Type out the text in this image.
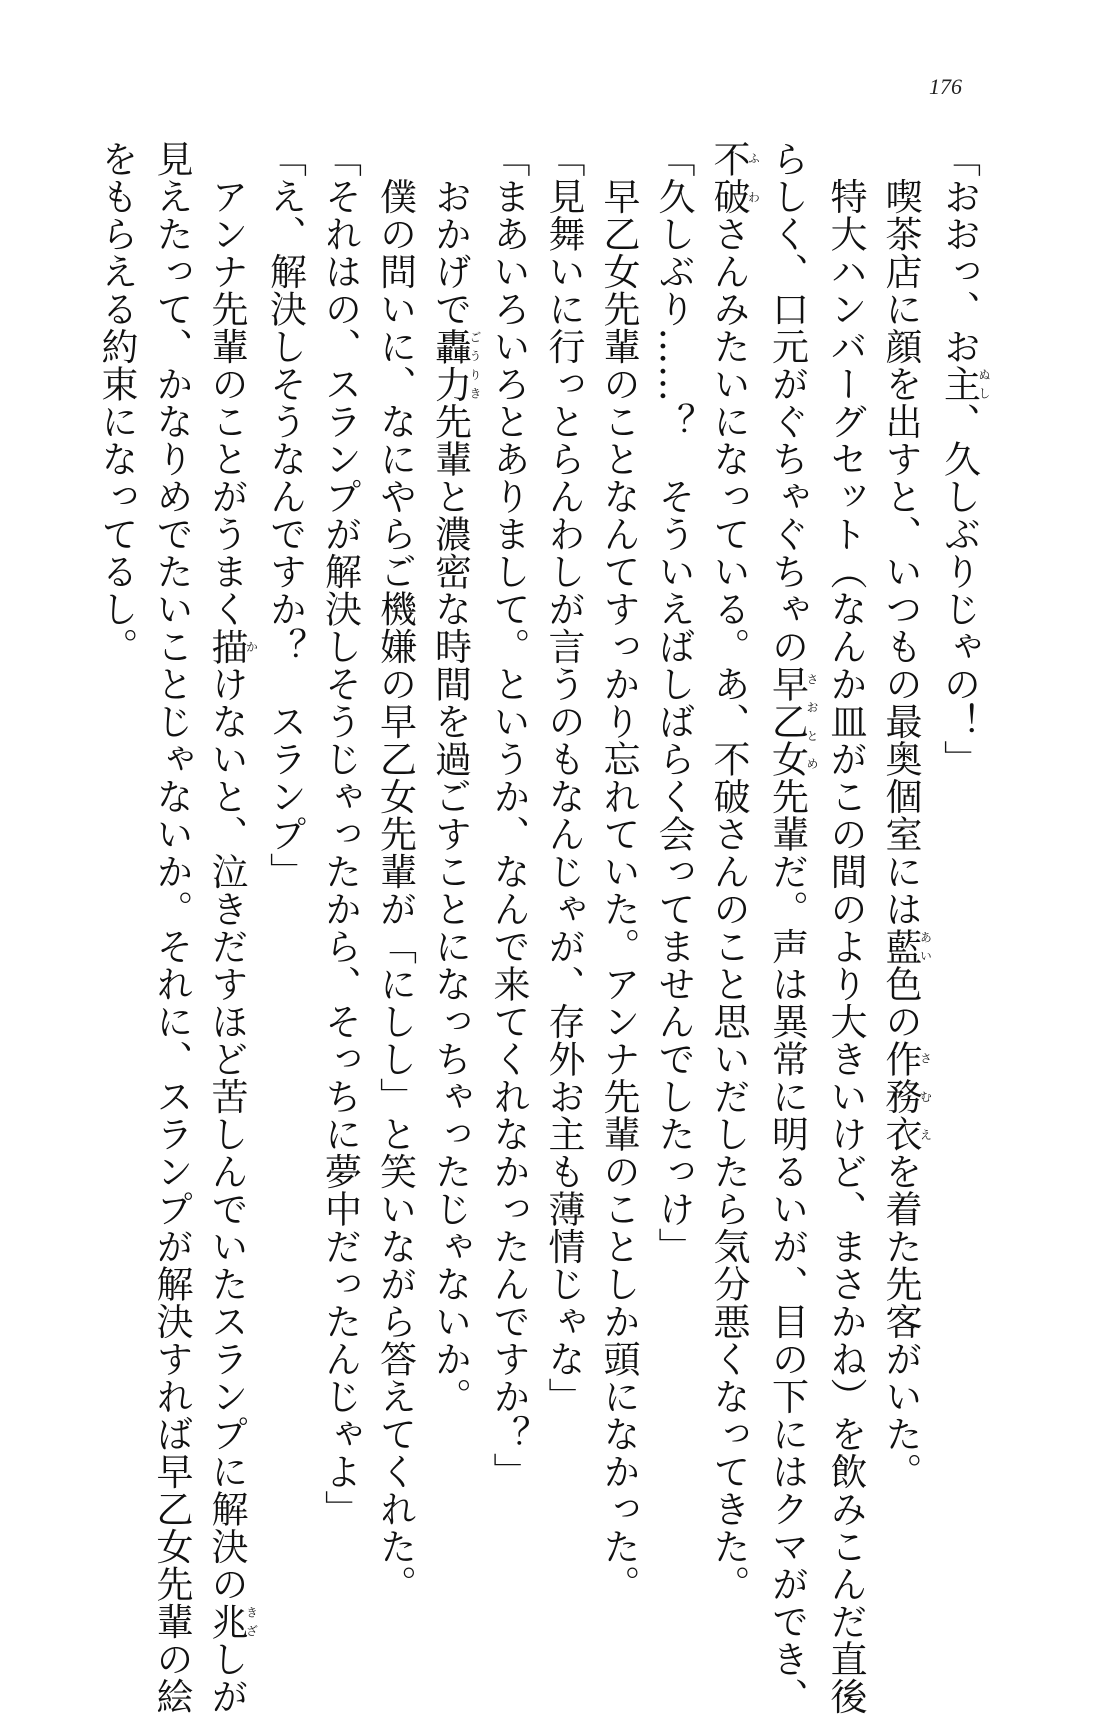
176
「おおっ、お主ぬし、久しぶりじゃの！」
　喫茶店に顔を出すと、いつもの最奥個室には藍あい色の作務衣さむえを着た先客がいた。
　特大ハンバーグセット（なんか皿がこの間のより大きいけど、まさかね）を飲みこんだ直後
らしく、口元がぐちゃぐちゃの早乙女さおとめ先輩だ。声は異常に明るいが、目の下にはクマができ、
不破ふわさんみたいになっている。あ、不破さんのこと思いだしたら気分悪くなってきた。
「久しぶり……？　そういえばしばらく会ってませんでしたっけ」
　早乙女先輩のことなんてすっかり忘れていた。アンナ先輩のことしか頭になかった。
「見舞いに行っとらんわしが言うのもなんじゃが、存外お主も薄情じゃな」
「まあいろいろとありまして。というか、なんで来てくれなかったんですか？」
　おかげで轟力ごうりき先輩と濃密な時間を過ごすことになっちゃったじゃないか。
　僕の問いに、なにやらご機嫌の早乙女先輩が「にしし」と笑いながら答えてくれた。
「それはの、スランプが解決しそうじゃったから、そっちに夢中だったんじゃよ」
「え、解決しそうなんですか？　スランプ」
　アンナ先輩のことがうまく描かけないと、泣きだすほど苦しんでいたスランプに解決の兆きざしが
見えたって、かなりめでたいことじゃないか。それに、スランプが解決すれば早乙女先輩の絵
をもらえる約束になってるし。
